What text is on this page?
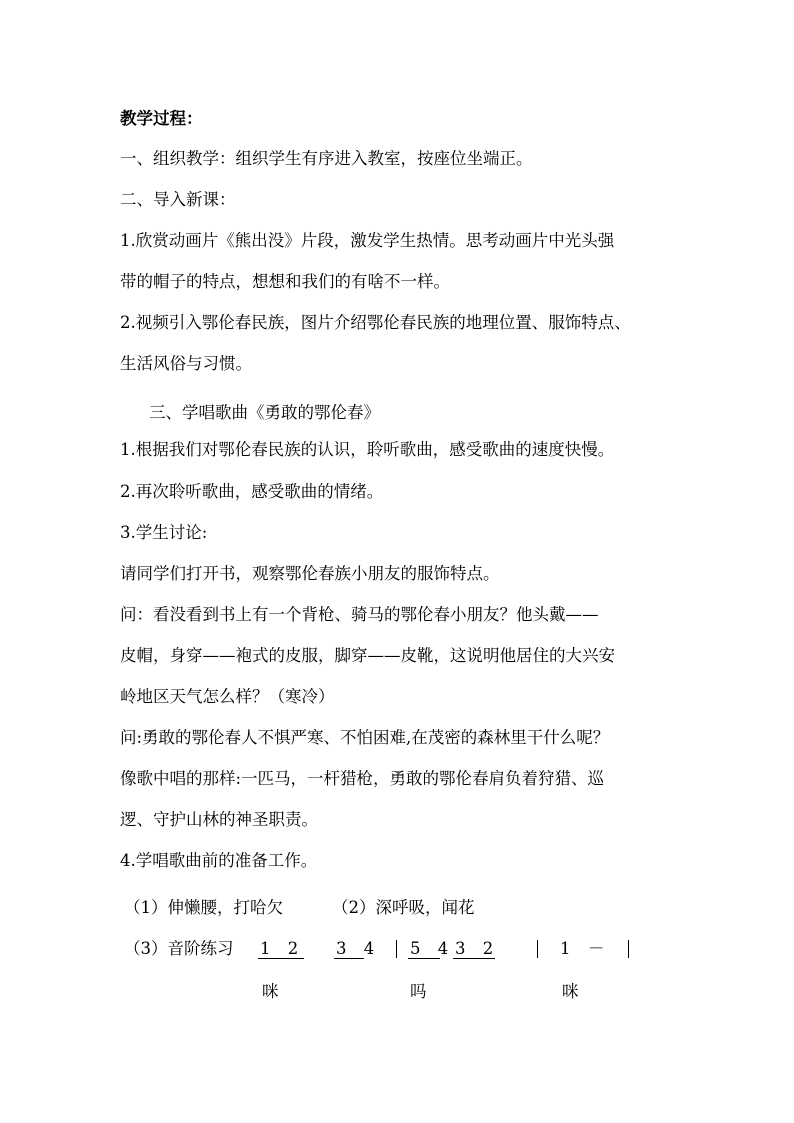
教学过程：

一、组织教学：组织学生有序进入教室，按座位坐端正。

二、导入新课：

1.欣赏动画片《熊出没》片段，激发学生热情。思考动画片中光头强

带的帽子的特点，想想和我们的有啥不一样。

2.视频引入鄂伦春民族，图片介绍鄂伦春民族的地理位置、服饰特点、

生活风俗与习惯。

三、学唱歌曲《勇敢的鄂伦春》

1.根据我们对鄂伦春民族的认识，聆听歌曲，感受歌曲的速度快慢。

2.再次聆听歌曲，感受歌曲的情绪。

3.学生讨论:

请同学们打开书，观察鄂伦春族小朋友的服饰特点。

问：看没看到书上有一个背枪、骑马的鄂伦春小朋友？他头戴——

皮帽，身穿——袍式的皮服，脚穿——皮靴，这说明他居住的大兴安

岭地区天气怎么样？（寒冷）

问:勇敢的鄂伦春人不惧严寒、不怕困难,在茂密的森林里干什么呢？

像歌中唱的那样:一匹马，一杆猎枪，勇敢的鄂伦春肩负着狩猎、巡

逻、守护山林的神圣职责。

4.学唱歌曲前的准备工作。

（1）伸懒腰，打哈欠	（2）深呼吸，闻花

（3）音阶练习 1 2 3 4 5 4 3 2	1 －
咪	吗	咪
